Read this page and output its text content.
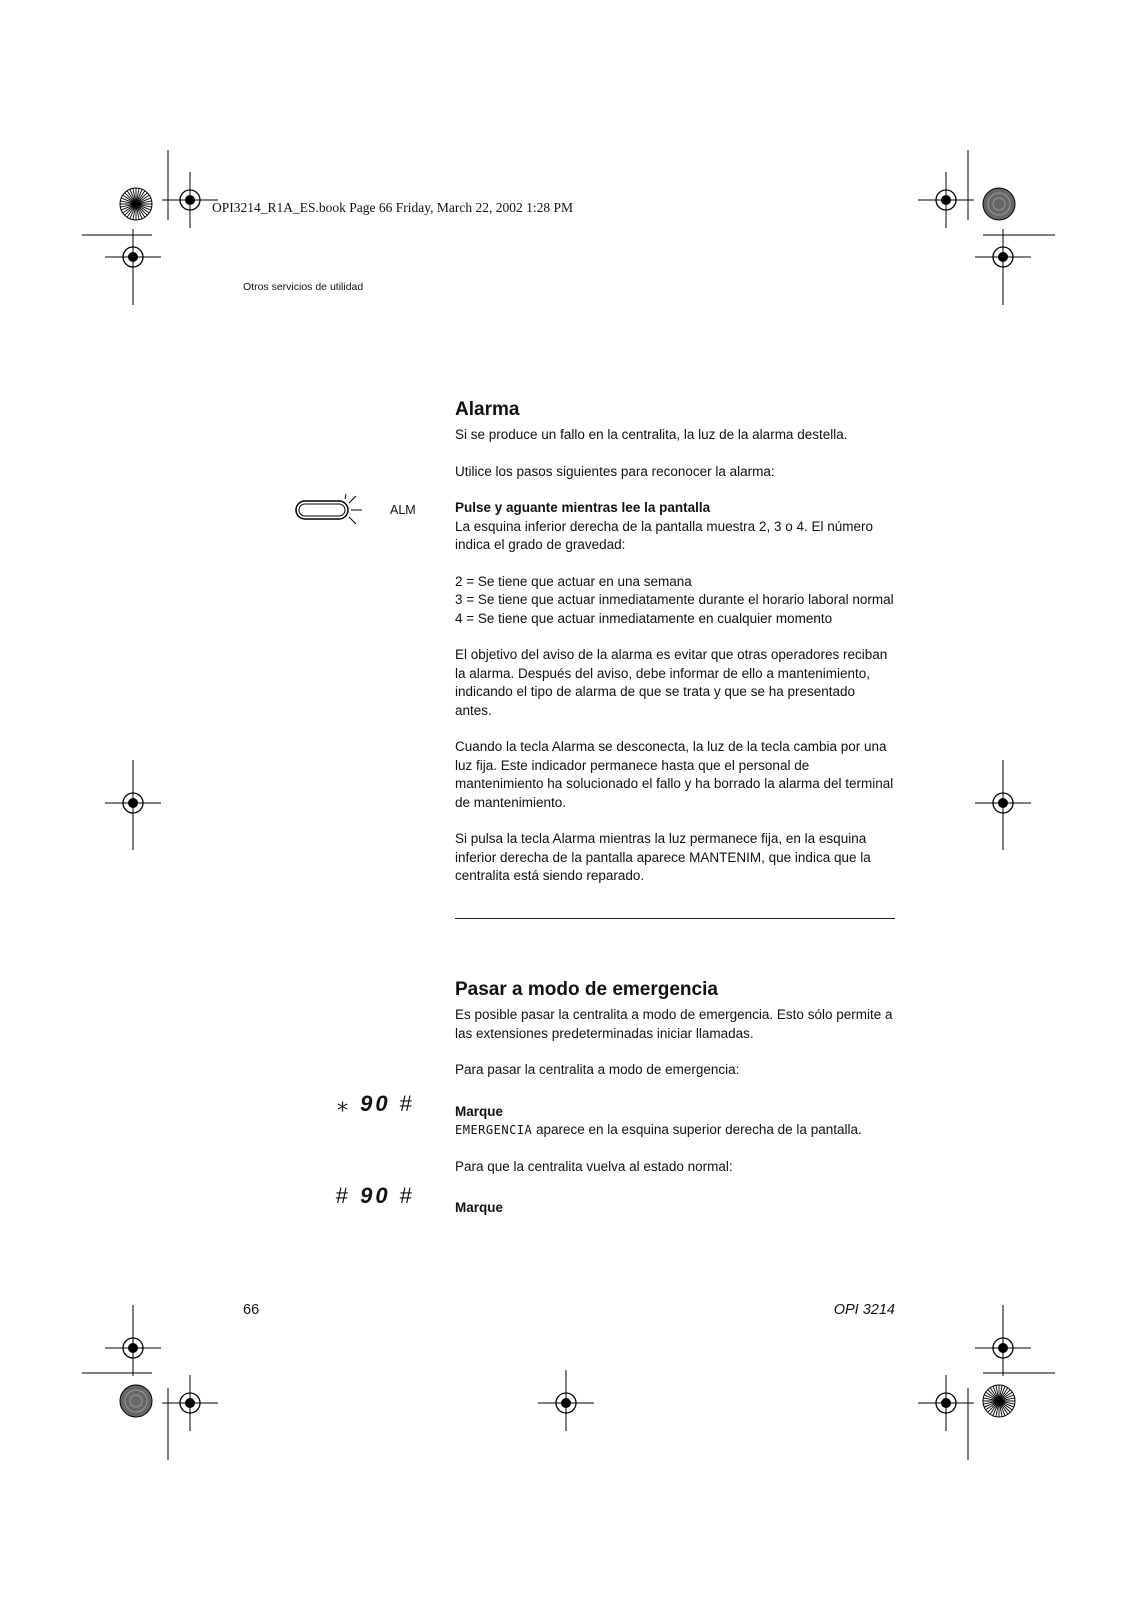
OPI3214_R1A_ES.book Page 66 Friday, March 22, 2002 1:28 PM
Otros servicios de utilidad
Alarma

Si se produce un fallo en la centralita, la luz de la alarma destella.

Utilice los pasos siguientes para reconocer la alarma:

Pulse y aguante mientras lee la pantalla

La esquina inferior derecha de la pantalla muestra 2, 3 o 4. El número indica el grado de gravedad:

2 = Se tiene que actuar en una semana

3 = Se tiene que actuar inmediatamente durante el horario laboral normal

4 = Se tiene que actuar inmediatamente en cualquier momento

El objetivo del aviso de la alarma es evitar que otras operadores reciban la alarma. Después del aviso, debe informar de ello a mantenimiento, indicando el tipo de alarma de que se trata y que se ha presentado antes.

Cuando la tecla Alarma se desconecta, la luz de la tecla cambia por una luz fija. Este indicador permanece hasta que el personal de mantenimiento ha solucionado el fallo y ha borrado la alarma del terminal de mantenimiento.

Si pulsa la tecla Alarma mientras la luz permanece fija, en la esquina inferior derecha de la pantalla aparece MANTENIM, que indica que la centralita está siendo reparado.

ALM
Pasar a modo de emergencia

Es posible pasar la centralita a modo de emergencia. Esto sólo permite a las extensiones predeterminadas iniciar llamadas.

Para pasar la centralita a modo de emergencia:

Marque

EMERGENCIA aparece en la esquina superior derecha de la pantalla.

Para que la centralita vuelva al estado normal:

Marque

⁎ 90 #
# 90 #
66	OPI 3214
